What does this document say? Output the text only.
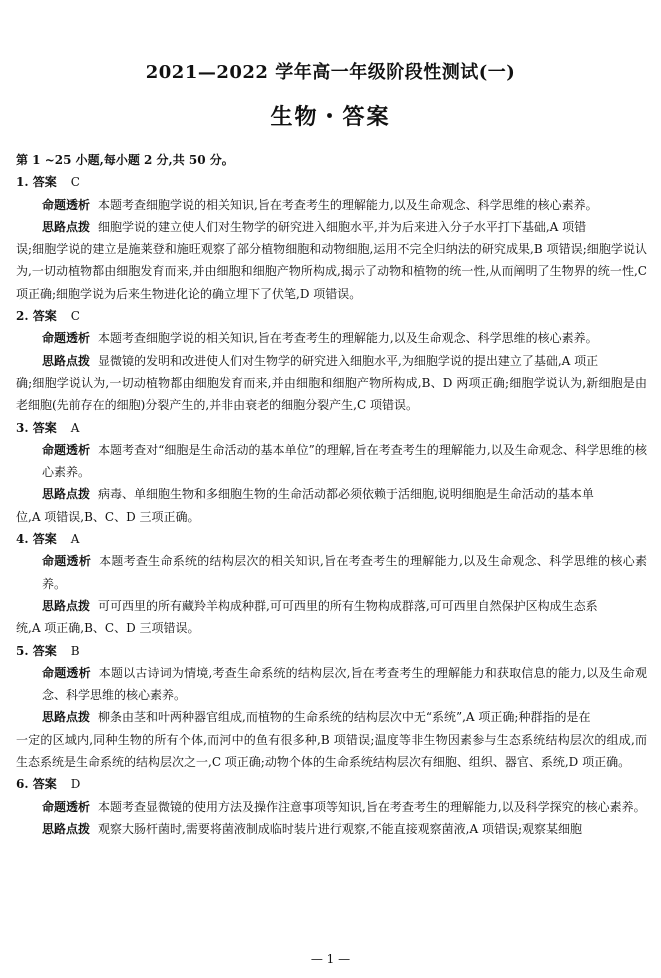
2021—2022 学年高一年级阶段性测试(一)
生物・答案
第 1 ~25 小题,每小题 2 分,共 50 分。
1. 答案 C
命题透析 本题考查细胞学说的相关知识,旨在考查考生的理解能力,以及生命观念、科学思维的核心素养。
思路点拨 细胞学说的建立使人们对生物学的研究进入细胞水平,并为后来进入分子水平打下基础,A 项错
误;细胞学说的建立是施莱登和施旺观察了部分植物细胞和动物细胞,运用不完全归纳法的研究成果,B 项错误;细胞学说认为,一切动植物都由细胞发育而来,并由细胞和细胞产物所构成,揭示了动物和植物的统一性,从而阐明了生物界的统一性,C 项正确;细胞学说为后来生物进化论的确立埋下了伏笔,D 项错误。
2. 答案 C
命题透析 本题考查细胞学说的相关知识,旨在考查考生的理解能力,以及生命观念、科学思维的核心素养。
思路点拨 显微镜的发明和改进使人们对生物学的研究进入细胞水平,为细胞学说的提出建立了基础,A 项正
确;细胞学说认为,一切动植物都由细胞发育而来,并由细胞和细胞产物所构成,B、D 两项正确;细胞学说认为,新细胞是由老细胞(先前存在的细胞)分裂产生的,并非由衰老的细胞分裂产生,C 项错误。
3. 答案 A
命题透析 本题考查对“细胞是生命活动的基本单位”的理解,旨在考查考生的理解能力,以及生命观念、科学思维的核心素养。
思路点拨 病毒、单细胞生物和多细胞生物的生命活动都必须依赖于活细胞,说明细胞是生命活动的基本单
位,A 项错误,B、C、D 三项正确。
4. 答案 A
命题透析 本题考查生命系统的结构层次的相关知识,旨在考查考生的理解能力,以及生命观念、科学思维的核心素养。
思路点拨 可可西里的所有藏羚羊构成种群,可可西里的所有生物构成群落,可可西里自然保护区构成生态系
统,A 项正确,B、C、D 三项错误。
5. 答案 B
命题透析 本题以古诗词为情境,考查生命系统的结构层次,旨在考查考生的理解能力和获取信息的能力,以及生命观念、科学思维的核心素养。
思路点拨 柳条由茎和叶两种器官组成,而植物的生命系统的结构层次中无“系统”,A 项正确;种群指的是在
一定的区域内,同种生物的所有个体,而河中的鱼有很多种,B 项错误;温度等非生物因素参与生态系统结构层次的组成,而生态系统是生命系统的结构层次之一,C 项正确;动物个体的生命系统结构层次有细胞、组织、器官、系统,D 项正确。
6. 答案 D
命题透析 本题考查显微镜的使用方法及操作注意事项等知识,旨在考查考生的理解能力,以及科学探究的核心素养。
思路点拨 观察大肠杆菌时,需要将菌液制成临时装片进行观察,不能直接观察菌液,A 项错误;观察某细胞
— 1 —
